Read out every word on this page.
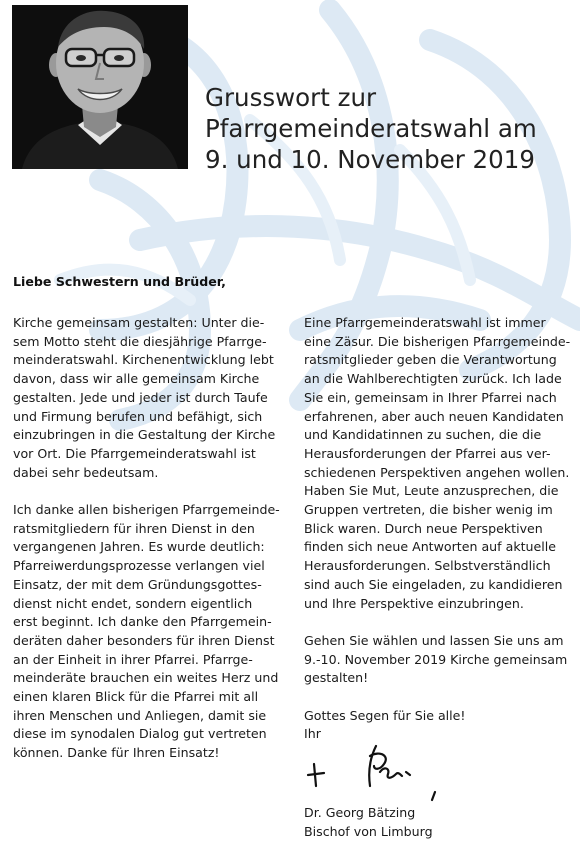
Grusswort zur
Pfarrgemeinderatswahl am
9. und 10. November 2019
Liebe Schwestern und Brüder,

Kirche gemeinsam gestalten: Unter die-
sem Motto steht die diesjährige Pfarrge-
meinderatswahl. Kirchenentwicklung lebt
davon, dass wir alle gemeinsam Kirche
gestalten. Jede und jeder ist durch Taufe
und Firmung berufen und befähigt, sich
einzubringen in die Gestaltung der Kirche
vor Ort. Die Pfarrgemeinderatswahl ist
dabei sehr bedeutsam.

Ich danke allen bisherigen Pfarrgemeinde-
ratsmitgliedern für ihren Dienst in den
vergangenen Jahren. Es wurde deutlich:
Pfarreiwerdungsprozesse verlangen viel
Einsatz, der mit dem Gründungsgottes-
dienst nicht endet, sondern eigentlich
erst beginnt. Ich danke den Pfarrgemein-
deräten daher besonders für ihren Dienst
an der Einheit in ihrer Pfarrei. Pfarrge-
meinderäte brauchen ein weites Herz und
einen klaren Blick für die Pfarrei mit all
ihren Menschen und Anliegen, damit sie
diese im synodalen Dialog gut vertreten
können. Danke für Ihren Einsatz!

Eine Pfarrgemeinderatswahl ist immer
eine Zäsur. Die bisherigen Pfarrgemeinde-
ratsmitglieder geben die Verantwortung
an die Wahlberechtigten zurück. Ich lade
Sie ein, gemeinsam in Ihrer Pfarrei nach
erfahrenen, aber auch neuen Kandidaten
und Kandidatinnen zu suchen, die die
Herausforderungen der Pfarrei aus ver-
schiedenen Perspektiven angehen wollen.
Haben Sie Mut, Leute anzusprechen, die
Gruppen vertreten, die bisher wenig im
Blick waren. Durch neue Perspektiven
finden sich neue Antworten auf aktuelle
Herausforderungen. Selbstverständlich
sind auch Sie eingeladen, zu kandidieren
und Ihre Perspektive einzubringen.

Gehen Sie wählen und lassen Sie uns am
9.-10. November 2019 Kirche gemeinsam
gestalten!

Gottes Segen für Sie alle!
Ihr

Dr. Georg Bätzing
Bischof von Limburg
